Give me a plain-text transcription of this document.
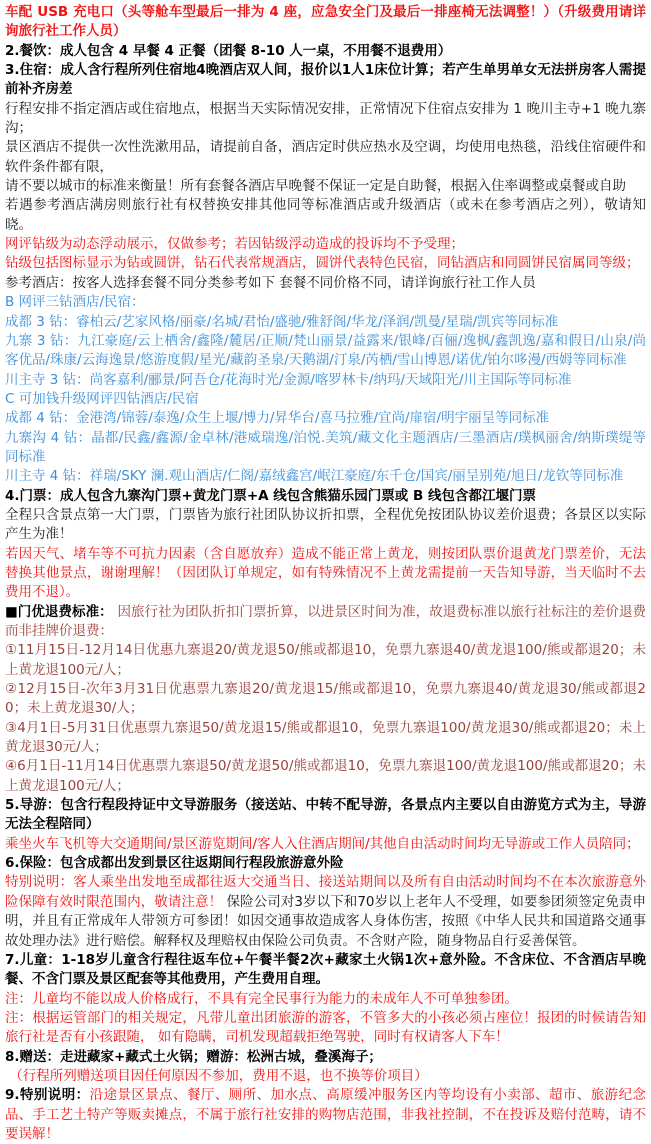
车配 USB 充电口（头等舱车型最后一排为 4 座，应急安全门及最后一排座椅无法调整！）（升级费用请详询旅行社工作人员）

2.餐饮：成人包含 4 早餐 4 正餐（团餐 8-10 人一桌，不用餐不退费用）

3.住宿：成人含行程所列住宿地4晚酒店双人间，报价以1人1床位计算；若产生单男单女无法拼房客人需提前补齐房差

行程安排不指定酒店或住宿地点，根据当天实际情况安排，正常情况下住宿点安排为 1 晚川主寺+1 晚九寨沟；

景区酒店不提供一次性洗漱用品，请提前自备，酒店定时供应热水及空调，均使用电热毯，沿线住宿硬件和软件条件都有限，

请不要以城市的标准来衡量！所有套餐各酒店早晚餐不保证一定是自助餐，根据入住率调整或桌餐或自助

若遇参考酒店满房则旅行社有权替换安排其他同等标准酒店或升级酒店（或未在参考酒店之列），敬请知晓。

网评钻级为动态浮动展示，仅做参考；若因钻级浮动造成的投诉均不予受理；

钻级包括图标显示为钻或圆饼，钻石代表常规酒店，圆饼代表特色民宿，同钻酒店和同圆饼民宿属同等级；

参考酒店：按客人选择套餐不同分类参考如下 套餐不同价格不同，请详询旅行社工作人员

B 网评三钻酒店/民宿：

成都 3 钻：睿柏云/艺家风格/丽豪/名城/君怡/盛驰/雅舒阁/华龙/泽润/凯曼/星瑞/凯宾等同标准

九寨 3 钻：九江豪庭/云上栖舍/鑫隆/麓居/正顺/梵山丽景/益露来/银峰/百俪/逸枫/鑫凯逸/嘉和假日/山泉/尚客优品/珠康/云海逸景/悠游度假/星光/藏韵圣泉/天鹅湖/汀泉/芮栖/雪山博恩/诺优/铂尔哆漫/西姆等同标准

川主寺 3 钻：尚客嘉利/郦景/阿吾仓/花海时光/金源/喀罗林卡/纳玛/天域阳光/川主国际等同标准

C 可加钱升级网评四钻酒店/民宿

成都 4 钻：金港湾/锦蓉/泰逸/众生上堰/博力/昇华台/喜马拉雅/宜尚/扉宿/明宇丽呈等同标准

九寨沟 4 钻：晶都/民鑫/鑫源/金卓林/港威瑞逸/泊悦.美筑/藏文化主题酒店/三墨酒店/璞枫丽舍/纳斯璞缇等同标准

川主寺 4 钻：祥瑞/SKY 澜.观山酒店/仁阁/嘉绒鑫宫/岷江豪庭/东千仓/国宾/丽呈别苑/旭日/龙钦等同标准

4.门票：成人包含九寨沟门票+黄龙门票+A 线包含熊猫乐园门票或 B 线包含都江堰门票

全程只含景点第一大门票，门票皆为旅行社团队协议折扣票，全程优免按团队协议差价退费；各景区以实际产生为准！

若因天气、堵车等不可抗力因素（含自愿放弃）造成不能正常上黄龙，则按团队票价退黄龙门票差价，无法替换其他景点，谢谢理解！（因团队订单规定，如有特殊情况不上黄龙需提前一天告知导游，当天临时不去费用不退）。

■门优退费标准： 因旅行社为团队折扣门票折算，以进景区时间为准，故退费标准以旅行社标注的差价退费而非挂牌价退费：

①11月15日-12月14日优惠九寨退20/黄龙退50/熊或都退10，免票九寨退40/黄龙退100/熊或都退20；未上黄龙退100元/人；

②12月15日-次年3月31日优惠票九寨退20/黄龙退15/熊或都退10，免票九寨退40/黄龙退30/熊或都退20；未上黄龙退30/人；

③4月1日-5月31日优惠票九寨退50/黄龙退15/熊或都退10，免票九寨退100/黄龙退30/熊或都退20；未上黄龙退30元/人；

④6月1日-11月14日优惠票九寨退50/黄龙退50/熊或都退10，免票九寨退100/黄龙退100/熊或都退20；未上黄龙退100元/人；

5.导游：包含行程段持证中文导游服务（接送站、中转不配导游，各景点内主要以自由游览方式为主，导游无法全程陪同）

乘坐火车飞机等大交通期间/景区游览期间/客人入住酒店期间/其他自由活动时间均无导游或工作人员陪同；

6.保险：包含成都出发到景区往返期间行程段旅游意外险

特别说明：客人乘坐出发地至成都往返大交通当日、接送站期间以及所有自由活动时间均不在本次旅游意外险保障有效时限范围内，敬请注意！ 保险公司对3岁以下和70岁以上老年人不受理，如要参团须签定免责申明，并且有正常成年人带领方可参团！如因交通事故造成客人身体伤害，按照《中华人民共和国道路交通事故处理办法》进行赔偿。解释权及理赔权由保险公司负责。不含财产险，随身物品自行妥善保管。

7.儿童：1-18岁儿童含行程往返车位+午餐半餐2次+藏家土火锅1次+意外险。不含床位、不含酒店早晚餐、不含门票及景区配套等其他费用，产生费用自理。

注：儿童均不能以成人价格成行，不具有完全民事行为能力的未成年人不可单独参团。

注：根据运管部门的相关规定，凡带儿童出团旅游的游客，不管多大的小孩必须占座位！报团的时候请告知旅行社是否有小孩跟随， 如有隐瞒，司机发现超载拒绝驾驶，同时有权请客人下车！

8.赠送：走进藏家+藏式土火锅；赠游：松洲古城，叠溪海子；

（行程所列赠送项目因任何原因不参加，费用不退，也不换等价项目）

9.特别说明：沿途景区景点、餐厅、厕所、加水点、高原缓冲服务区内等均设有小卖部、超市、旅游纪念品、手工艺土特产等贩卖摊点，不属于旅行社安排的购物店范围，非我社控制，不在投诉及赔付范畴，请不要误解！
